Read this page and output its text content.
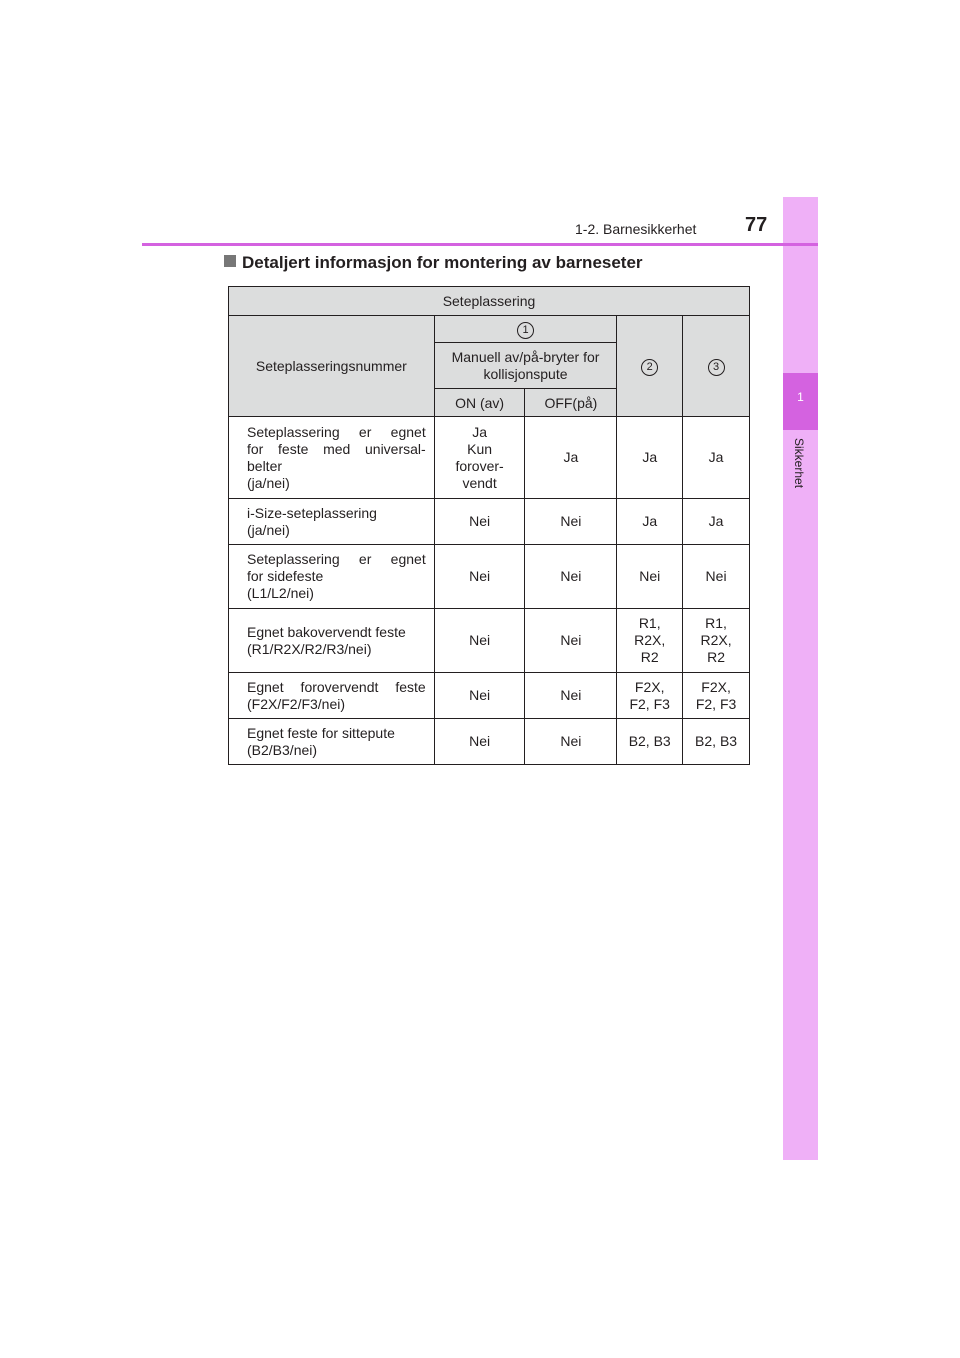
1
Sikkerhet
1-2. Barnesikkerhet 77
Detaljert informasjon for montering av barneseter
Seteplassering				
Seteplasseringsnummer	1		2	3
	Manuell av/på-bryter for kollisjonspute			
	ON (av)	OFF(på)		

Seteplassering er egnet
for feste med universal-
belter
(ja/nei)	Ja
Kun
forover-
vendt	Ja	Ja	Ja

i-Size-seteplassering
(ja/nei)	Nei	Nei	Ja	Ja

Seteplassering er egnet
for sidefeste
(L1/L2/nei)	Nei	Nei	Nei	Nei

Egnet bakovervendt feste
(R1/R2X/R2/R3/nei)	Nei	Nei	R1,
R2X,
R2	R1,
R2X,
R2

Egnet forovervendt feste
(F2X/F2/F3/nei)	Nei	Nei	F2X,
F2, F3	F2X,
F2, F3

Egnet feste for sittepute
(B2/B3/nei)	Nei	Nei	B2, B3	B2, B3
